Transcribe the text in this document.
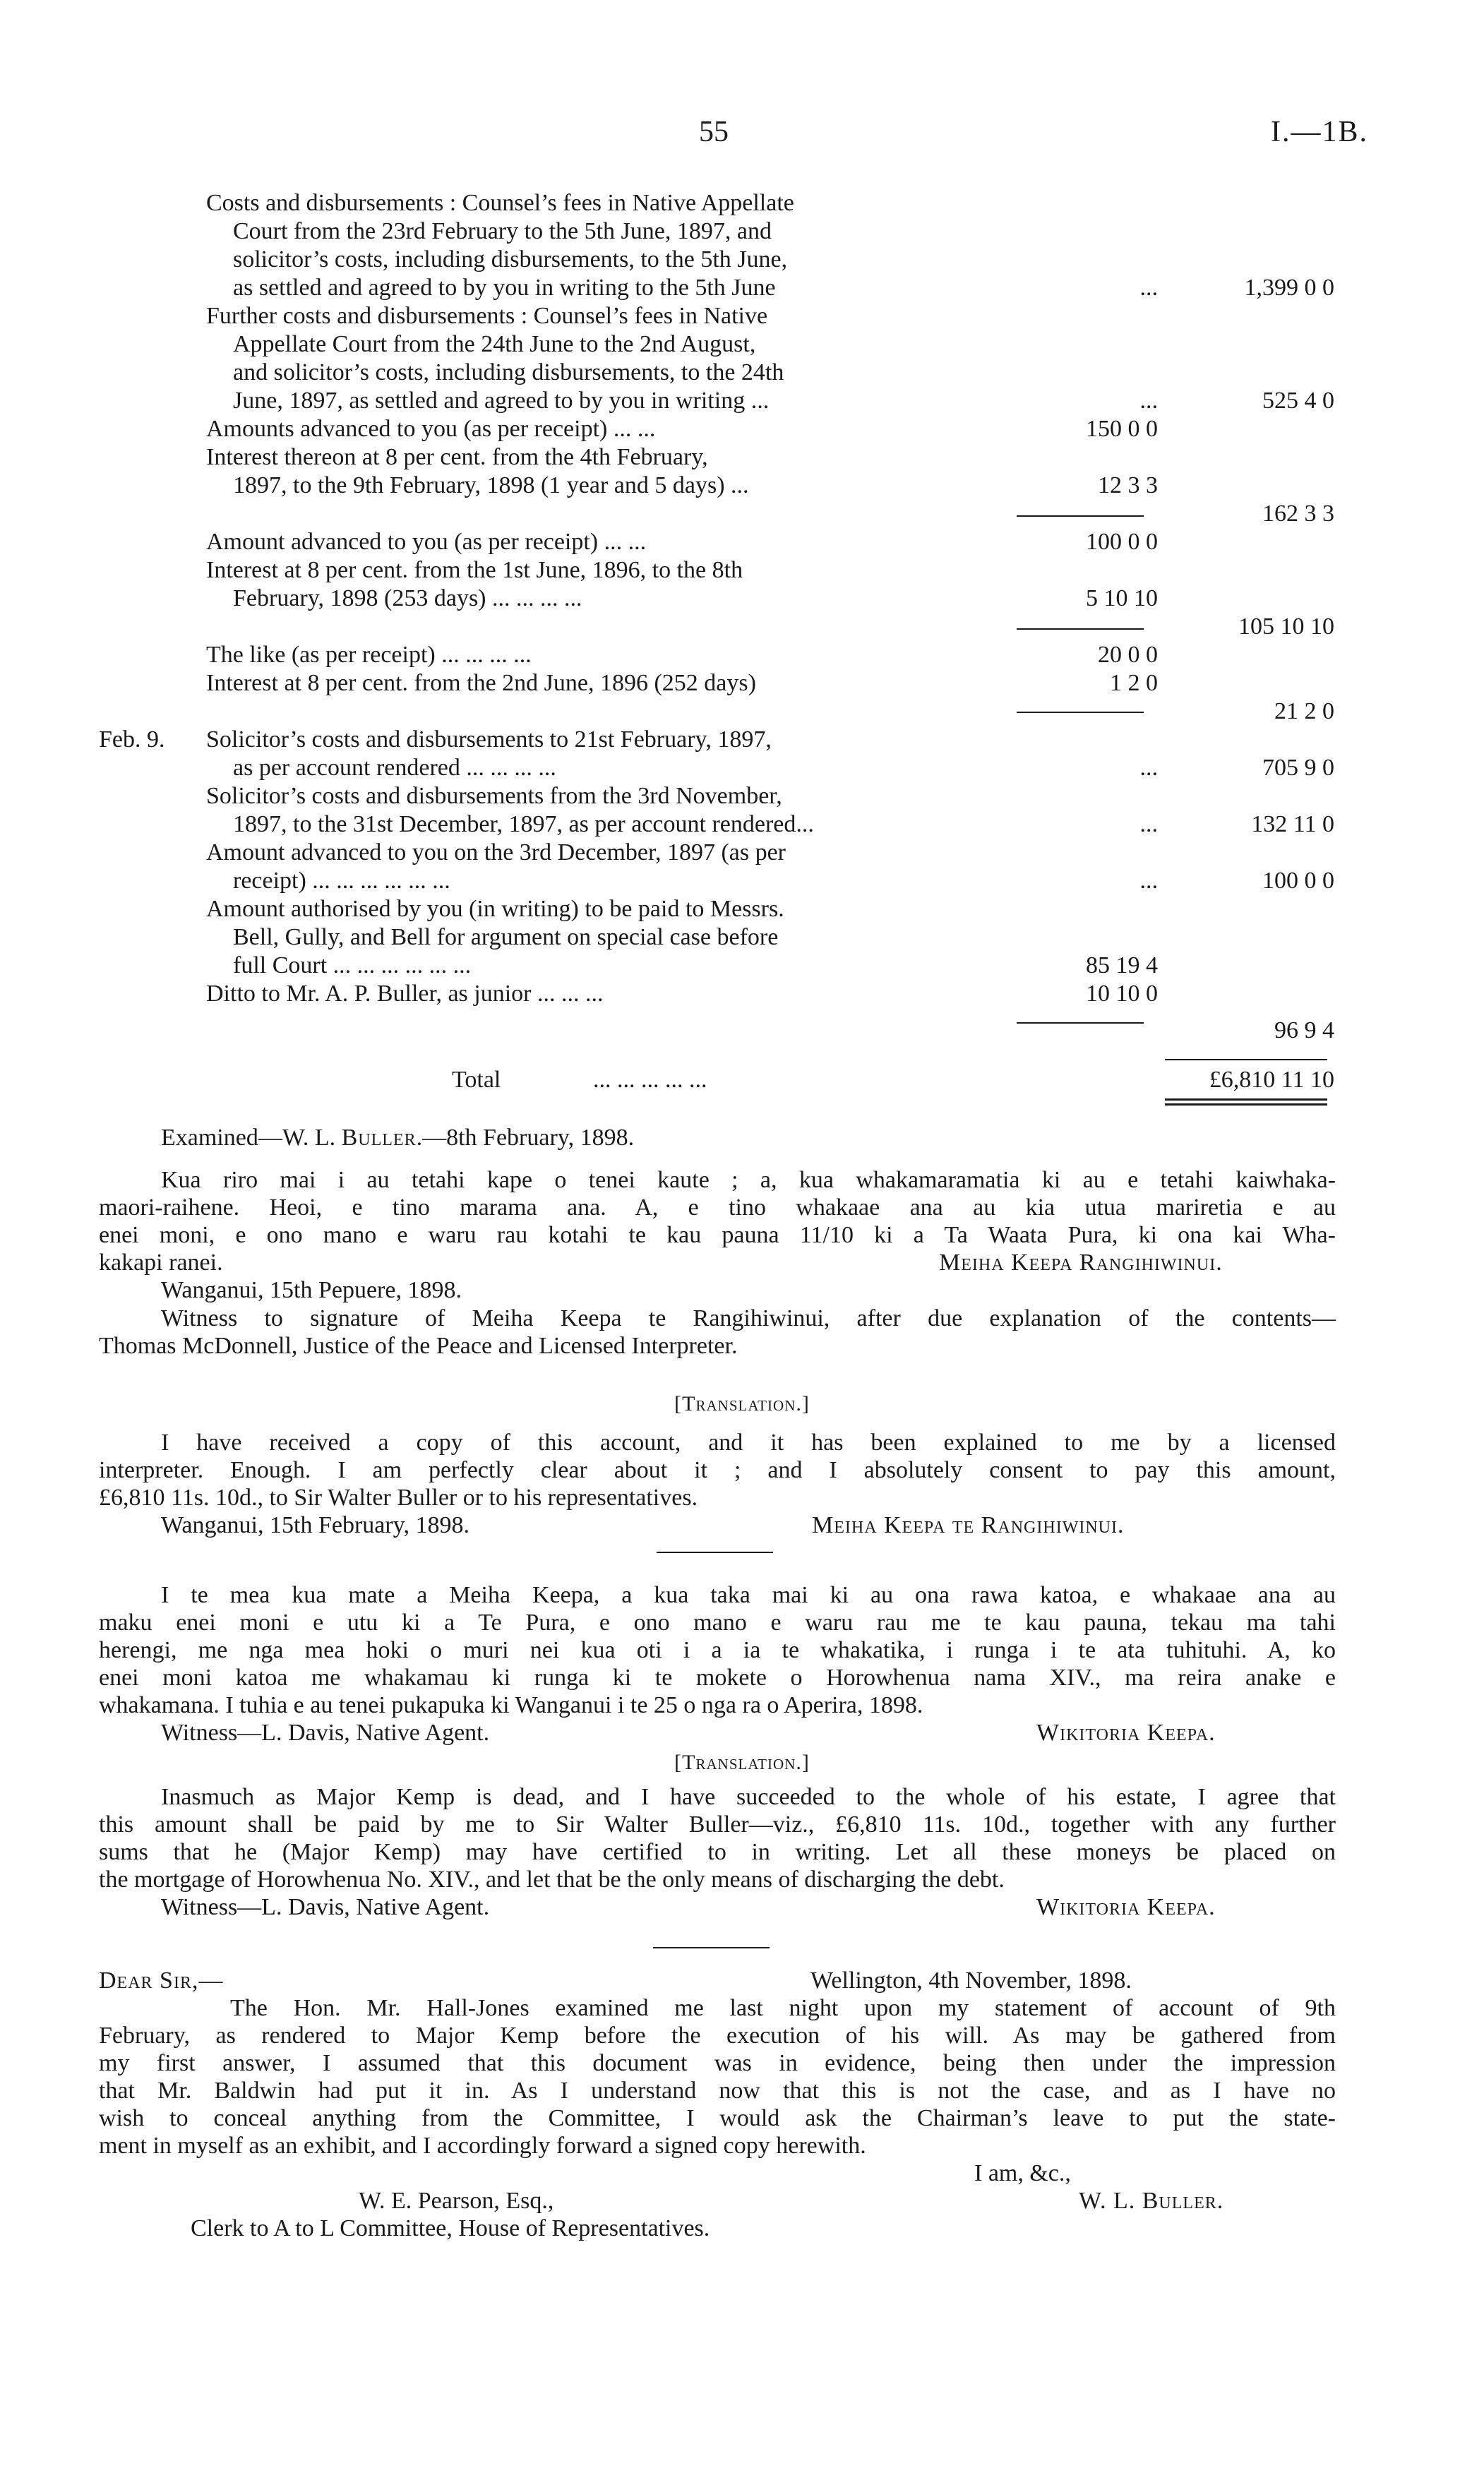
55	I.—1B.
Costs and disbursements : Counsel’s fees in Native Appellate
Court from the 23rd February to the 5th June, 1897, and
solicitor’s costs, including disbursements, to the 5th June,
as settled and agreed to by you in writing to the 5th June	...	1,399 0 0
Further costs and disbursements : Counsel’s fees in Native
Appellate Court from the 24th June to the 2nd August,
and solicitor’s costs, including disbursements, to the 24th
June, 1897, as settled and agreed to by you in writing ...	...	525 4 0
Amounts advanced to you (as per receipt) ... ...	150 0 0
Interest thereon at 8 per cent. from the 4th February,
1897, to the 9th February, 1898 (1 year and 5 days) ...	12 3 3
162 3 3
Amount advanced to you (as per receipt) ... ...	100 0 0
Interest at 8 per cent. from the 1st June, 1896, to the 8th
February, 1898 (253 days) ... ... ... ...	5 10 10
105 10 10
The like (as per receipt) ... ... ... ...	20 0 0
Interest at 8 per cent. from the 2nd June, 1896 (252 days)	1 2 0
21 2 0
Feb. 9. Solicitor’s costs and disbursements to 21st February, 1897,
as per account rendered ... ... ... ...	...	705 9 0
Solicitor’s costs and disbursements from the 3rd November,
1897, to the 31st December, 1897, as per account rendered...	...	132 11 0
Amount advanced to you on the 3rd December, 1897 (as per
receipt) ... ... ... ... ... ...	...	100 0 0
Amount authorised by you (in writing) to be paid to Messrs.
Bell, Gully, and Bell for argument on special case before
full Court ... ... ... ... ... ...	85 19 4
Ditto to Mr. A. P. Buller, as junior ... ... ...	10 10 0
96 9 4
Total	... ... ... ... ...	£6,810 11 10
Examined—W. L. Buller.—8th February, 1898.
Kua riro mai i au tetahi kape o tenei kaute ; a, kua whakamaramatia ki au e tetahi kaiwhaka-
maori-raihene. Heoi, e tino marama ana. A, e tino whakaae ana au kia utua mariretia e au
enei moni, e ono mano e waru rau kotahi te kau pauna 11/10 ki a Ta Waata Pura, ki ona kai Wha-
kakapi ranei.	Meiha Keepa Rangihiwinui.
Wanganui, 15th Pepuere, 1898.
Witness to signature of Meiha Keepa te Rangihiwinui, after due explanation of the contents—
Thomas McDonnell, Justice of the Peace and Licensed Interpreter.
[Translation.]
I have received a copy of this account, and it has been explained to me by a licensed
interpreter. Enough. I am perfectly clear about it ; and I absolutely consent to pay this amount,
£6,810 11s. 10d., to Sir Walter Buller or to his representatives.
Wanganui, 15th February, 1898.	Meiha Keepa te Rangihiwinui.
I te mea kua mate a Meiha Keepa, a kua taka mai ki au ona rawa katoa, e whakaae ana au
maku enei moni e utu ki a Te Pura, e ono mano e waru rau me te kau pauna, tekau ma tahi
herengi, me nga mea hoki o muri nei kua oti i a ia te whakatika, i runga i te ata tuhituhi. A, ko
enei moni katoa me whakamau ki runga ki te mokete o Horowhenua nama XIV., ma reira anake e
whakamana. I tuhia e au tenei pukapuka ki Wanganui i te 25 o nga ra o Aperira, 1898.
Witness—L. Davis, Native Agent.	Wikitoria Keepa.
[Translation.]
Inasmuch as Major Kemp is dead, and I have succeeded to the whole of his estate, I agree that
this amount shall be paid by me to Sir Walter Buller—viz., £6,810 11s. 10d., together with any further
sums that he (Major Kemp) may have certified to in writing. Let all these moneys be placed on
the mortgage of Horowhenua No. XIV., and let that be the only means of discharging the debt.
Witness—L. Davis, Native Agent.	Wikitoria Keepa.
Dear Sir,—	Wellington, 4th November, 1898.
The Hon. Mr. Hall-Jones examined me last night upon my statement of account of 9th
February, as rendered to Major Kemp before the execution of his will. As may be gathered from
my first answer, I assumed that this document was in evidence, being then under the impression
that Mr. Baldwin had put it in. As I understand now that this is not the case, and as I have no
wish to conceal anything from the Committee, I would ask the Chairman’s leave to put the state-
ment in myself as an exhibit, and I accordingly forward a signed copy herewith.
I am, &c.,
W. E. Pearson, Esq.,	W. L. Buller.
Clerk to A to L Committee, House of Representatives.
